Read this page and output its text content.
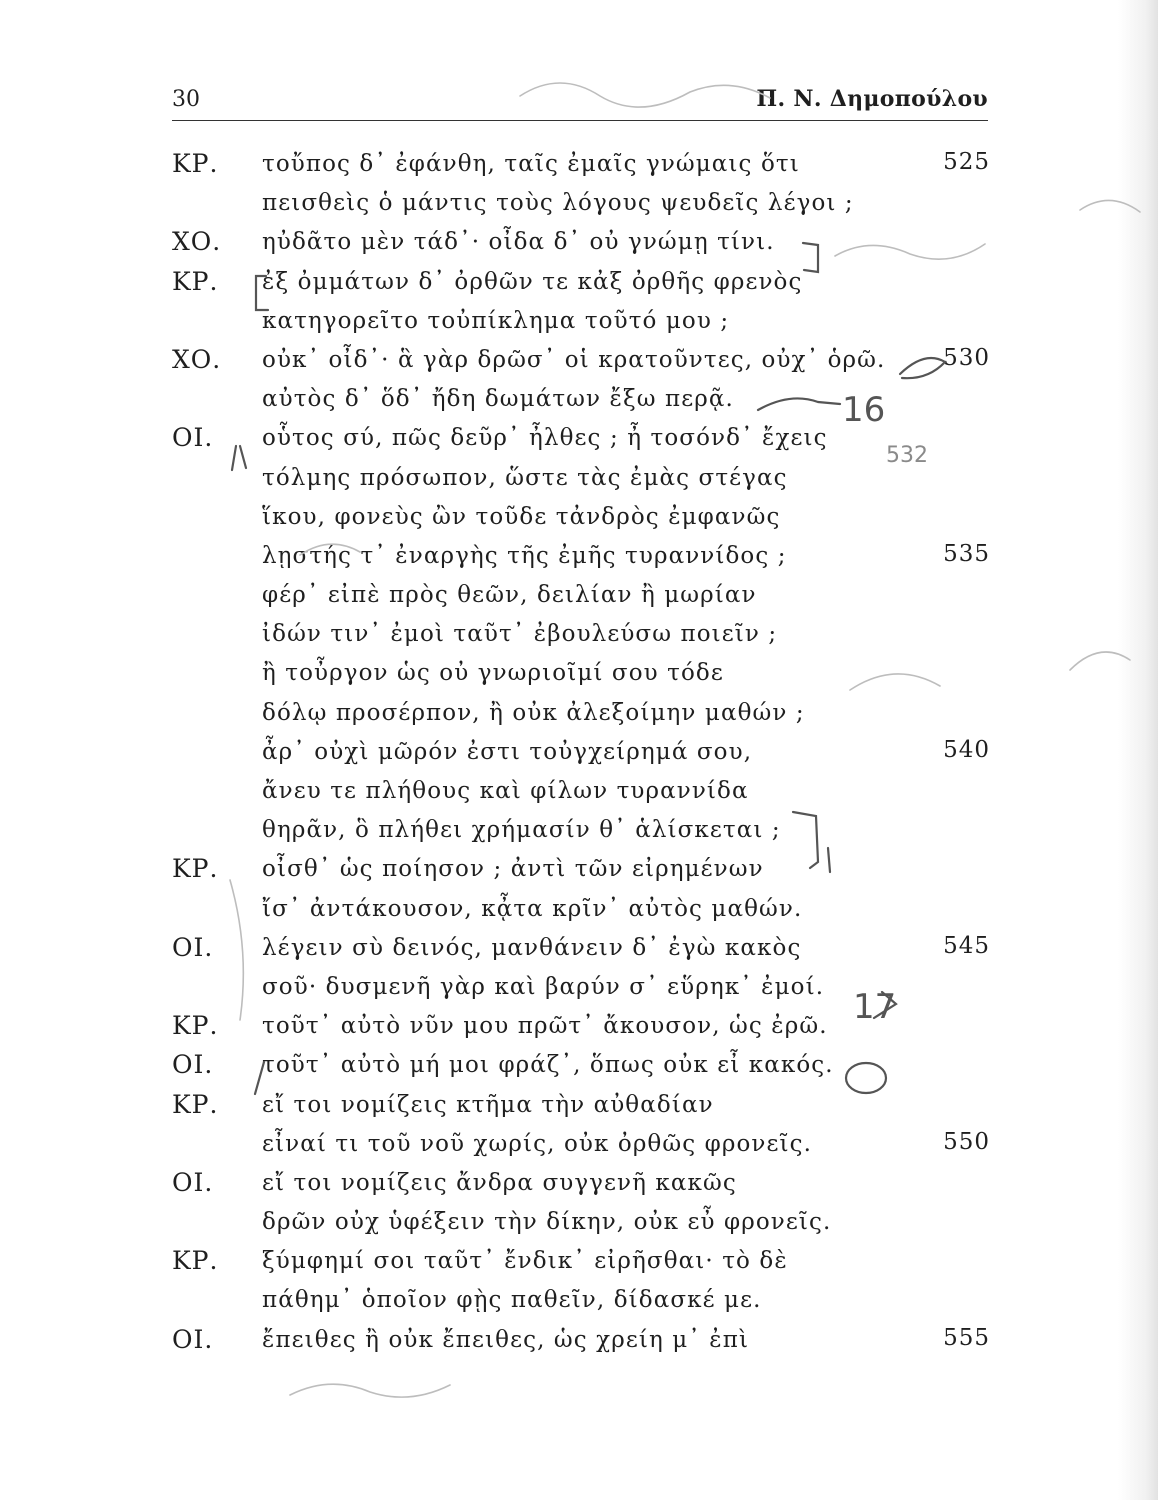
30	Π. Ν. Δημοπούλου
ΚΡ. τοὔπος δ᾽ ἐφάνθη, ταῖς ἐμαῖς γνώμαις ὅτι	525
πεισθεὶς ὁ μάντις τοὺς λόγους ψευδεῖς λέγοι ;
ΧΟ. ηὐδᾶτο μὲν τάδ᾽· οἶδα δ᾽ οὐ γνώμῃ τίνι.
ΚΡ. ἐξ ὀμμάτων δ᾽ ὀρθῶν τε κἀξ ὀρθῆς φρενὸς
κατηγορεῖτο τοὐπίκλημα τοῦτό μου ;
ΧΟ. οὐκ᾽ οἶδ᾽· ἃ γὰρ δρῶσ᾽ οἱ κρατοῦντες, οὐχ᾽ ὁρῶ.	530
αὐτὸς δ᾽ ὅδ᾽ ἤδη δωμάτων ἔξω περᾷ.
ΟΙ. οὗτος σύ, πῶς δεῦρ᾽ ἦλθες ; ἦ τοσόνδ᾽ ἔχεις
τόλμης πρόσωπον, ὥστε τὰς ἐμὰς στέγας
ἵκου, φονεὺς ὢν τοῦδε τἀνδρὸς ἐμφανῶς
λῃστής τ᾽ ἐναργὴς τῆς ἐμῆς τυραννίδος ;	535
φέρ᾽ εἰπὲ πρὸς θεῶν, δειλίαν ἢ μωρίαν
ἰδών τιν᾽ ἐμοὶ ταῦτ᾽ ἐβουλεύσω ποιεῖν ;
ἢ τοὖργον ὡς οὐ γνωριοῖμί σου τόδε
δόλῳ προσέρπον, ἢ οὐκ ἀλεξοίμην μαθών ;
ἆρ᾽ οὐχὶ μῶρόν ἐστι τοὐγχείρημά σου,	540
ἄνευ τε πλήθους καὶ φίλων τυραννίδα
θηρᾶν, ὃ πλήθει χρήμασίν θ᾽ ἁλίσκεται ;
ΚΡ. οἶσθ᾽ ὡς ποίησον ; ἀντὶ τῶν εἰρημένων
ἴσ᾽ ἀντάκουσον, κᾆτα κρῖν᾽ αὐτὸς μαθών.
ΟΙ. λέγειν σὺ δεινός, μανθάνειν δ᾽ ἐγὼ κακὸς	545
σοῦ· δυσμενῆ γὰρ καὶ βαρύν σ᾽ εὕρηκ᾽ ἐμοί.
ΚΡ. τοῦτ᾽ αὐτὸ νῦν μου πρῶτ᾽ ἄκουσον, ὡς ἐρῶ.
ΟΙ. τοῦτ᾽ αὐτὸ μή μοι φράζ᾽, ὅπως οὐκ εἶ κακός.
ΚΡ. εἴ τοι νομίζεις κτῆμα τὴν αὐθαδίαν
εἶναί τι τοῦ νοῦ χωρίς, οὐκ ὀρθῶς φρονεῖς.	550
ΟΙ. εἴ τοι νομίζεις ἄνδρα συγγενῆ κακῶς
δρῶν οὐχ ὑφέξειν τὴν δίκην, οὐκ εὖ φρονεῖς.
ΚΡ. ξύμφημί σοι ταῦτ᾽ ἔνδικ᾽ εἰρῆσθαι· τὸ δὲ
πάθημ᾽ ὁποῖον φῂς παθεῖν, δίδασκέ με.
ΟΙ. ἔπειθες ἢ οὐκ ἔπειθες, ὡς χρείη μ᾽ ἐπὶ	555
16
532
17
